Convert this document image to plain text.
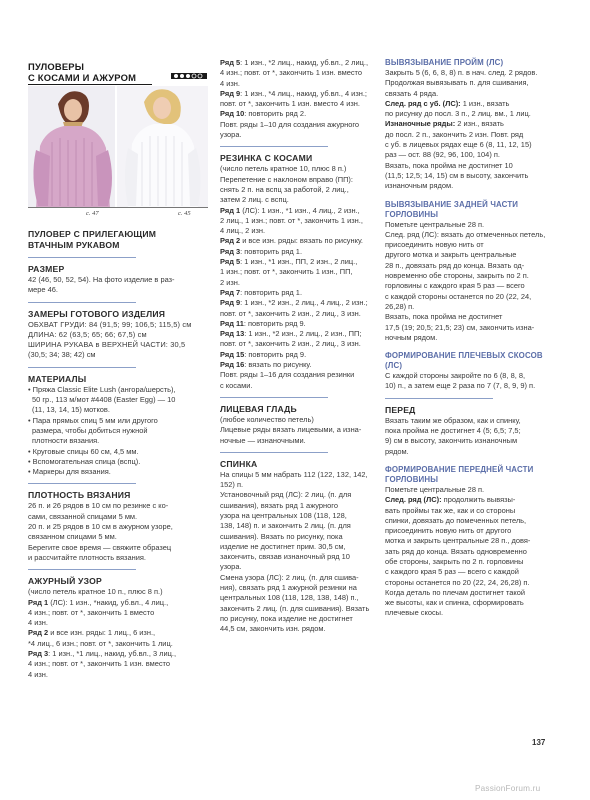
ПУЛОВЕРЫ
С КОСАМИ И АЖУРОМ
с. 47	с. 45
ПУЛОВЕР С ПРИЛЕГАЮЩИМ
ВТАЧНЫМ РУКАВОМ
РАЗМЕР
42 (46, 50, 52, 54). На фото изделие в раз-
мере 46.
ЗАМЕРЫ ГОТОВОГО ИЗДЕЛИЯ
ОБХВАТ ГРУДИ: 84 (91,5; 99; 106,5; 115,5) см
ДЛИНА: 62 (63,5; 65; 66; 67,5) см
ШИРИНА РУКАВА в ВЕРХНЕЙ ЧАСТИ: 30,5
(30,5; 34; 38; 42) см
МАТЕРИАЛЫ
• Пряжа Classic Elite Lush (ангора/шерсть),
50 гр., 113 м/мот #4408 (Easter Egg) — 10
(11, 13, 14, 15) мотков.
• Пара прямых спиц 5 мм или другого
размера, чтобы добиться нужной
плотности вязания.
• Круговые спицы 60 см, 4,5 мм.
• Вспомогательная спица (вспц).
• Маркеры для вязания.
ПЛОТНОСТЬ ВЯЗАНИЯ
26 п. и 26 рядов в 10 см по резинке с ко-
сами, связанной спицами 5 мм.
20 п. и 25 рядов в 10 см в ажурном узоре,
связанном спицами 5 мм.
Берегите свое время — свяжите образец
и рассчитайте плотность вязания.
АЖУРНЫЙ УЗОР
(число петель кратное 10 п., плюс 8 п.)
Ряд 1 (ЛС): 1 изн., *накид, уб.вл., 4 лиц.,
4 изн.; повт. от *, закончить 1 вместо
4 изн.
Ряд 2 и все изн. ряды: 1 лиц., 6 изн.,
*4 лиц., 6 изн.; повт. от *, закончить 1 лиц.
Ряд 3: 1 изн., *1 лиц., накид, уб.вл., 3 лиц.,
4 изн.; повт. от *, закончить 1 изн. вместо
4 изн.
Ряд 5: 1 изн., *2 лиц., накид, уб.вл., 2 лиц.,
4 изн.; повт. от *, закончить 1 изн. вместо
4 изн.
Ряд 9: 1 изн., *4 лиц., накид, уб.вл., 4 изн.;
повт. от *, закончить 1 изн. вместо 4 изн.
Ряд 10: повторить ряд 2.
Повт. ряды 1–10 для создания ажурного
узора.
РЕЗИНКА С КОСАМИ
(число петель кратное 10, плюс 8 п.)
Перепетение с наклоном вправо (ПП):
снять 2 п. на вспц за работой, 2 лиц.,
затем 2 лиц. с вспц.
Ряд 1 (ЛС): 1 изн., *1 изн., 4 лиц., 2 изн.,
2 лиц., 1 изн.; повт. от *, закончить 1 изн.,
4 лиц., 2 изн.
Ряд 2 и все изн. ряды: вязать по рисунку.
Ряд 3: повторить ряд 1.
Ряд 5: 1 изн., *1 изн., ПП, 2 изн., 2 лиц.,
1 изн.; повт. от *, закончить 1 изн., ПП,
2 изн.
Ряд 7: повторить ряд 1.
Ряд 9: 1 изн., *2 изн., 2 лиц., 4 лиц., 2 изн.;
повт. от *, закончить 2 изн., 2 лиц., 3 изн.
Ряд 11: повторить ряд 9.
Ряд 13: 1 изн., *2 изн., 2 лиц., 2 изн., ПП;
повт. от *, закончить 2 изн., 2 лиц., 3 изн.
Ряд 15: повторить ряд 9.
Ряд 16: вязать по рисунку.
Повт. ряды 1–16 для создания резинки
с косами.
ЛИЦЕВАЯ ГЛАДЬ
(любое количество петель)
Лицевые ряды вязать лицевыми, а изна-
ночные — изнаночными.
СПИНКА
На спицы 5 мм набрать 112 (122, 132, 142,
152) п.
Установочный ряд (ЛС): 2 лиц. (п. для
сшивания), вязать ряд 1 ажурного
узора на центральных 108 (118, 128,
138, 148) п. и закончить 2 лиц. (п. для
сшивания). Вязать по рисунку, пока
изделие не достигнет прим. 30,5 см,
закончить, связав изнаночный ряд 10
узора.
Смена узора (ЛС): 2 лиц. (п. для сшива-
ния), связать ряд 1 ажурной резинки на
центральных 108 (118, 128, 138, 148) п.,
закончить 2 лиц. (п. для сшивания). Вязать
по рисунку, пока изделие не достигнет
44,5 см, закончить изн. рядом.
ВЫВЯЗЫВАНИЕ ПРОЙМ (ЛС)
Закрыть 5 (6, 6, 8, 8) п. в нач. след. 2 рядов.
Продолжая вывязывать п. для сшивания,
связать 4 ряда.
След. ряд с уб. (ЛС): 1 изн., вязать
по рисунку до посл. 3 п., 2 лиц. вм., 1 лиц.
Изнаночные ряды: 2 изн., вязать
до посл. 2 п., закончить 2 изн. Повт. ряд
с уб. в лицевых рядах еще 6 (8, 11, 12, 15)
раз — ост. 88 (92, 96, 100, 104) п.
Вязать, пока пройма не достигнет 10
(11,5; 12,5; 14, 15) см в высоту, закончить
изнаночным рядом.
ВЫВЯЗЫВАНИЕ ЗАДНЕЙ ЧАСТИ
ГОРЛОВИНЫ
Пометьте центральные 28 п.
След. ряд (ЛС): вязать до отмеченных петель,
присоединить новую нить от
другого мотка и закрыть центральные
28 п., довязать ряд до конца. Вязать од-
новременно обе стороны, закрыть по 2 п.
горловины с каждого края 5 раз — всего
с каждой стороны останется по 20 (22, 24,
26,28) п.
Вязать, пока пройма не достигнет
17,5 (19; 20,5; 21,5; 23) см, закончить изна-
ночным рядом.
ФОРМИРОВАНИЕ ПЛЕЧЕВЫХ СКОСОВ (ЛС)
С каждой стороны закройте по 6 (8, 8, 8,
10) п., а затем еще 2 раза по 7 (7, 8, 9, 9) п.
ПЕРЕД
Вязать таким же образом, как и спинку,
пока пройма не достигнет 4 (5; 6,5; 7,5;
9) см в высоту, закончить изнаночным
рядом.
ФОРМИРОВАНИЕ ПЕРЕДНЕЙ ЧАСТИ
ГОРЛОВИНЫ
Пометьте центральные 28 п.
След. ряд (ЛС): продолжить вывязы-
вать проймы так же, как и со стороны
спинки, довязать до помеченных петель,
присоединить новую нить от другого
мотка и закрыть центральные 28 п., довя-
зать ряд до конца. Вязать одновременно
обе стороны, закрыть по 2 п. горловины
с каждого края 5 раз — всего с каждой
стороны останется по 20 (22, 24, 26,28) п.
Когда деталь по плечам достигнет такой
же высоты, как и спинка, сформировать
плечевые скосы.
137
PassionForum.ru
